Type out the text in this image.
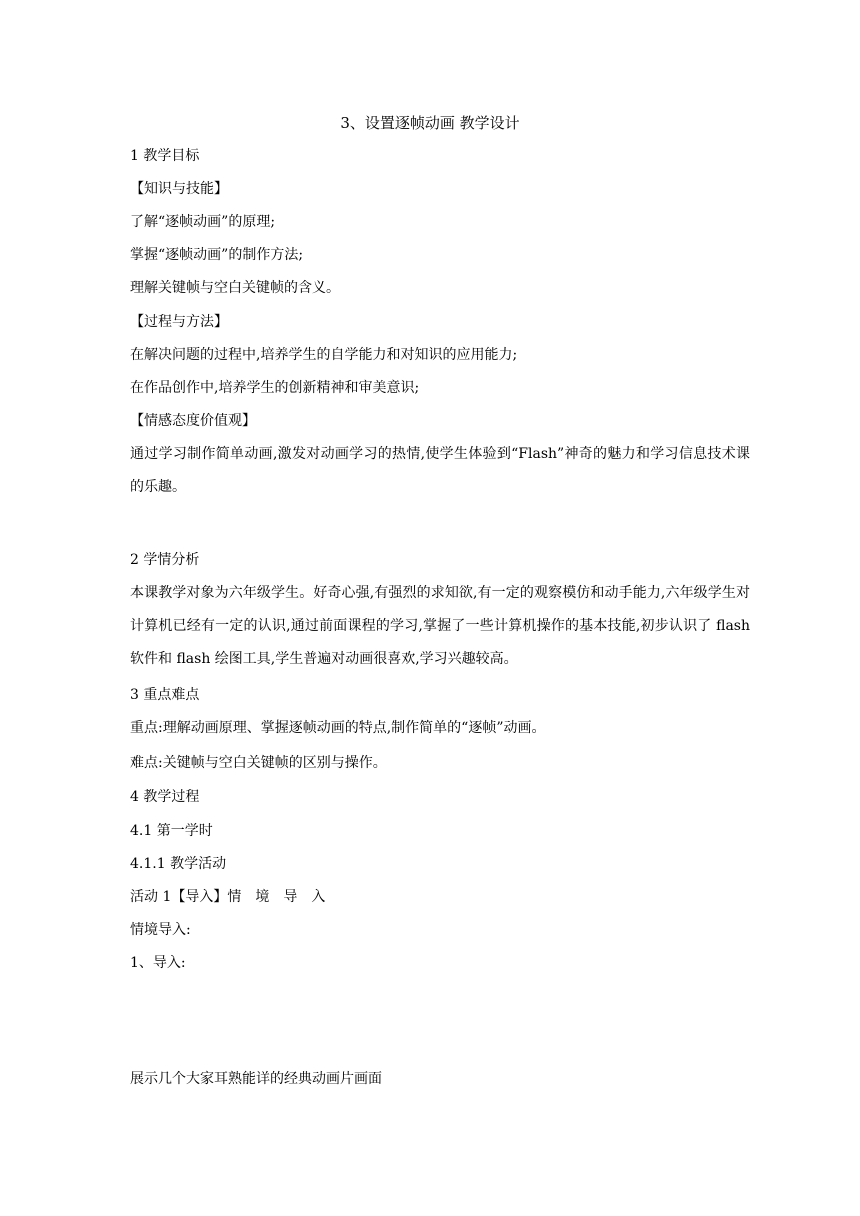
3、设置逐帧动画 教学设计
1 教学目标
【知识与技能】
了解“逐帧动画”的原理;
掌握“逐帧动画”的制作方法;
理解关键帧与空白关键帧的含义。
【过程与方法】
在解决问题的过程中,培养学生的自学能力和对知识的应用能力;
在作品创作中,培养学生的创新精神和审美意识;
【情感态度价值观】
通过学习制作简单动画,激发对动画学习的热情,使学生体验到“Flash”神奇的魅力和学习信息技术课的乐趣。
2 学情分析
本课教学对象为六年级学生。好奇心强,有强烈的求知欲,有一定的观察模仿和动手能力,六年级学生对计算机已经有一定的认识,通过前面课程的学习,掌握了一些计算机操作的基本技能,初步认识了 flash 软件和 flash 绘图工具,学生普遍对动画很喜欢,学习兴趣较高。
3 重点难点
重点:理解动画原理、掌握逐帧动画的特点,制作简单的“逐帧”动画。
难点:关键帧与空白关键帧的区别与操作。
4 教学过程
4.1 第一学时
4.1.1 教学活动
活动 1【导入】情　境　导　入
情境导入:
1、导入:
展示几个大家耳熟能详的经典动画片画面
